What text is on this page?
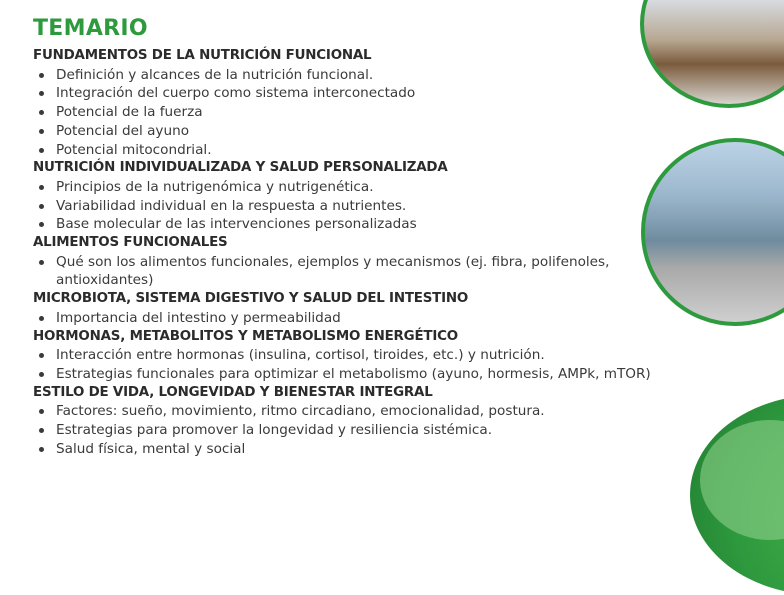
TEMARIO
FUNDAMENTOS DE LA NUTRICIÓN FUNCIONAL
Definición y alcances de la nutrición funcional.
Integración del cuerpo como sistema interconectado
Potencial de la fuerza
Potencial del ayuno
Potencial mitocondrial.
NUTRICIÓN INDIVIDUALIZADA Y SALUD PERSONALIZADA
Principios de la nutrigenómica y nutrigenética.
Variabilidad individual en la respuesta a nutrientes.
Base molecular de las intervenciones personalizadas
ALIMENTOS FUNCIONALES
Qué son los alimentos funcionales, ejemplos y mecanismos (ej. fibra, polifenoles, antioxidantes)
MICROBIOTA, SISTEMA DIGESTIVO Y SALUD DEL INTESTINO
Importancia del intestino y permeabilidad
HORMONAS, METABOLITOS Y METABOLISMO ENERGÉTICO
Interacción entre hormonas (insulina, cortisol, tiroides, etc.) y nutrición.
Estrategias funcionales para optimizar el metabolismo (ayuno, hormesis, AMPk, mTOR)
ESTILO DE VIDA, LONGEVIDAD Y BIENESTAR INTEGRAL
Factores: sueño, movimiento, ritmo circadiano, emocionalidad, postura.
Estrategias para promover la longevidad y resiliencia sistémica.
Salud física, mental y social
